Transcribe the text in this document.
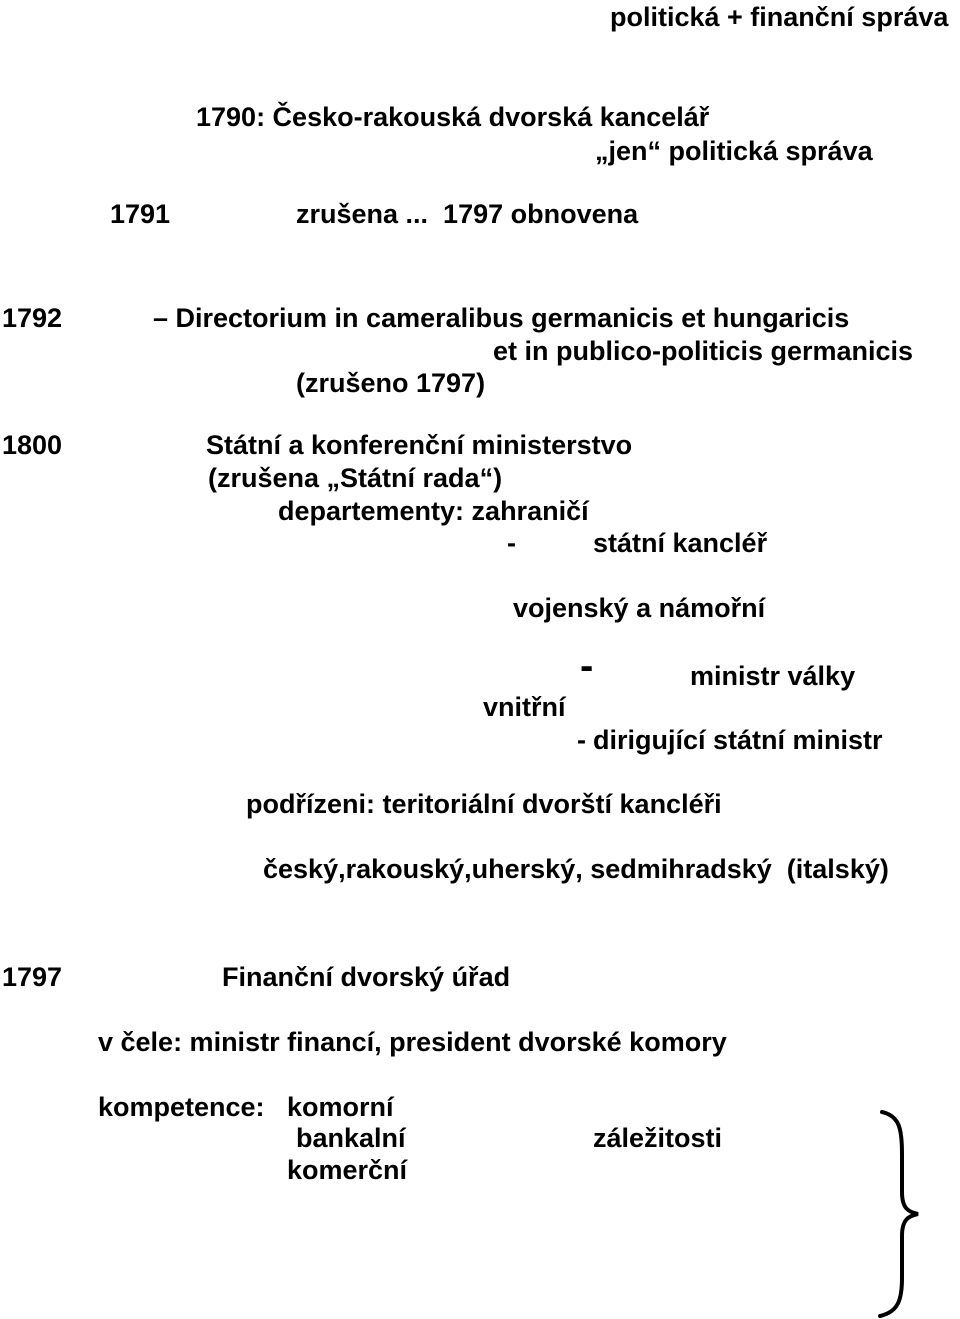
politická + finanční správa
1790: Česko-rakouská dvorská kancelář
„jen“ politická správa
1791	zrušena ...  1797 obnovena
1792	– Directorium in cameralibus germanicis et hungaricis
et in publico-politicis germanicis
(zrušeno 1797)
1800	Státní a konferenční ministerstvo
(zrušena „Státní rada“)
departementy: zahraničí
-	státní kancléř
vojenský a námořní
-	ministr války
vnitřní
- dirigující státní ministr
podřízeni: teritoriální dvorští kancléři
český,rakouský,uherský, sedmihradský  (italský)
1797	Finanční dvorský úřad
v čele: ministr financí, president dvorské komory
kompetence: komorní
bankalní
komerční
záležitosti
